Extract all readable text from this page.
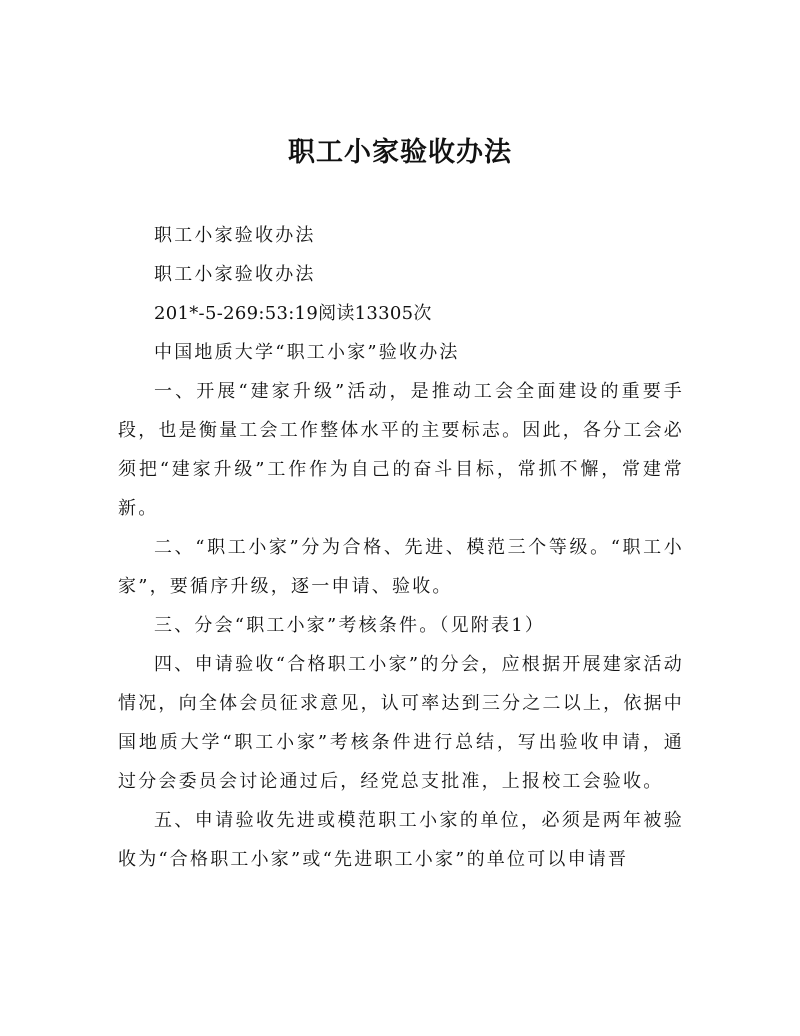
职工小家验收办法

职工小家验收办法

职工小家验收办法

201*-5-269:53:19阅读13305次

中国地质大学“职工小家”验收办法

一、开展“建家升级”活动，是推动工会全面建设的重要手段，也是衡量工会工作整体水平的主要标志。因此，各分工会必须把“建家升级”工作作为自己的奋斗目标，常抓不懈，常建常新。

二、“职工小家”分为合格、先进、模范三个等级。“职工小家”，要循序升级，逐一申请、验收。

三、分会“职工小家”考核条件。（见附表1）

四、申请验收“合格职工小家”的分会，应根据开展建家活动情况，向全体会员征求意见，认可率达到三分之二以上，依据中国地质大学“职工小家”考核条件进行总结，写出验收申请，通过分会委员会讨论通过后，经党总支批准，上报校工会验收。

五、申请验收先进或模范职工小家的单位，必须是两年被验收为“合格职工小家”或“先进职工小家”的单位可以申请晋
